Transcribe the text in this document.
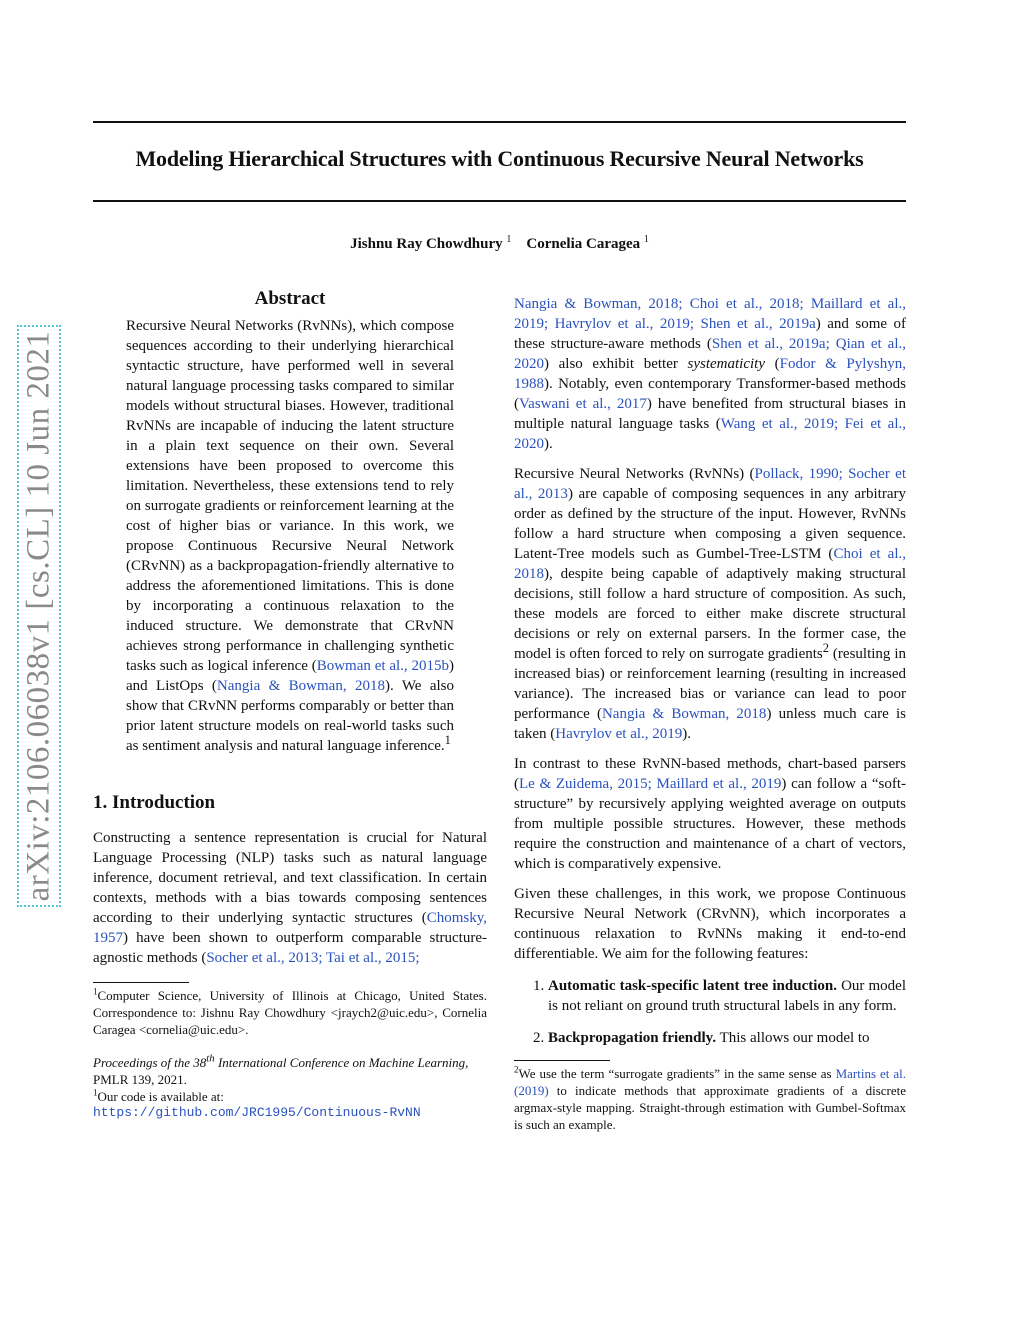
Modeling Hierarchical Structures with Continuous Recursive Neural Networks
Jishnu Ray Chowdhury $^1$ Cornelia Caragea $^1$
arXiv:2106.06038v1 [cs.CL] 10 Jun 2021
Abstract
Recursive Neural Networks (RvNNs), which compose sequences according to their underlying hierarchical syntactic structure, have performed well in several natural language processing tasks compared to similar models without structural biases. However, traditional RvNNs are incapable of inducing the latent structure in a plain text sequence on their own. Several extensions have been proposed to overcome this limitation. Nevertheless, these extensions tend to rely on surrogate gradients or reinforcement learning at the cost of higher bias or variance. In this work, we propose Continuous Recursive Neural Network (CRvNN) as a backpropagation-friendly alternative to address the aforementioned limitations. This is done by incorporating a continuous relaxation to the induced structure. We demonstrate that CRvNN achieves strong performance in challenging synthetic tasks such as logical inference (Bowman et al., 2015b) and ListOps (Nangia & Bowman, 2018). We also show that CRvNN performs comparably or better than prior latent structure models on real-world tasks such as sentiment analysis and natural language inference.$^1$
1. Introduction

Constructing a sentence representation is crucial for Natural Language Processing (NLP) tasks such as natural language inference, document retrieval, and text classification. In certain contexts, methods with a bias towards composing sentences according to their underlying syntactic structures (Chomsky, 1957) have been shown to outperform comparable structure-agnostic methods (Socher et al., 2013; Tai et al., 2015;

$^1$Computer Science, University of Illinois at Chicago, United States. Correspondence to: Jishnu Ray Chowdhury <jraych2@uic.edu>, Cornelia Caragea <cornelia@uic.edu>.
Proceedings of the 38th International Conference on Machine Learning, PMLR 139, 2021.
$^1$Our code is available at:
https://github.com/JRC1995/Continuous-RvNN

Nangia & Bowman, 2018; Choi et al., 2018; Maillard et al., 2019; Havrylov et al., 2019; Shen et al., 2019a) and some of these structure-aware methods (Shen et al., 2019a; Qian et al., 2020) also exhibit better systematicity (Fodor & Pylyshyn, 1988). Notably, even contemporary Transformer-based methods (Vaswani et al., 2017) have benefited from structural biases in multiple natural language tasks (Wang et al., 2019; Fei et al., 2020).

Recursive Neural Networks (RvNNs) (Pollack, 1990; Socher et al., 2013) are capable of composing sequences in any arbitrary order as defined by the structure of the input. However, RvNNs follow a hard structure when composing a given sequence. Latent-Tree models such as Gumbel-Tree-LSTM (Choi et al., 2018), despite being capable of adaptively making structural decisions, still follow a hard structure of composition. As such, these models are forced to either make discrete structural decisions or rely on external parsers. In the former case, the model is often forced to rely on surrogate gradients$^2$ (resulting in increased bias) or reinforcement learning (resulting in increased variance). The increased bias or variance can lead to poor performance (Nangia & Bowman, 2018) unless much care is taken (Havrylov et al., 2019).

In contrast to these RvNN-based methods, chart-based parsers (Le & Zuidema, 2015; Maillard et al., 2019) can follow a “soft-structure” by recursively applying weighted average on outputs from multiple possible structures. However, these methods require the construction and maintenance of a chart of vectors, which is comparatively expensive.

Given these challenges, in this work, we propose Continuous Recursive Neural Network (CRvNN), which incorporates a continuous relaxation to RvNNs making it end-to-end differentiable. We aim for the following features:

1. Automatic task-specific latent tree induction. Our model is not reliant on ground truth structural labels in any form.
2. Backpropagation friendly. This allows our model to
$^2$We use the term “surrogate gradients” in the same sense as Martins et al. (2019) to indicate methods that approximate gradients of a discrete argmax-style mapping. Straight-through estimation with Gumbel-Softmax is such an example.
